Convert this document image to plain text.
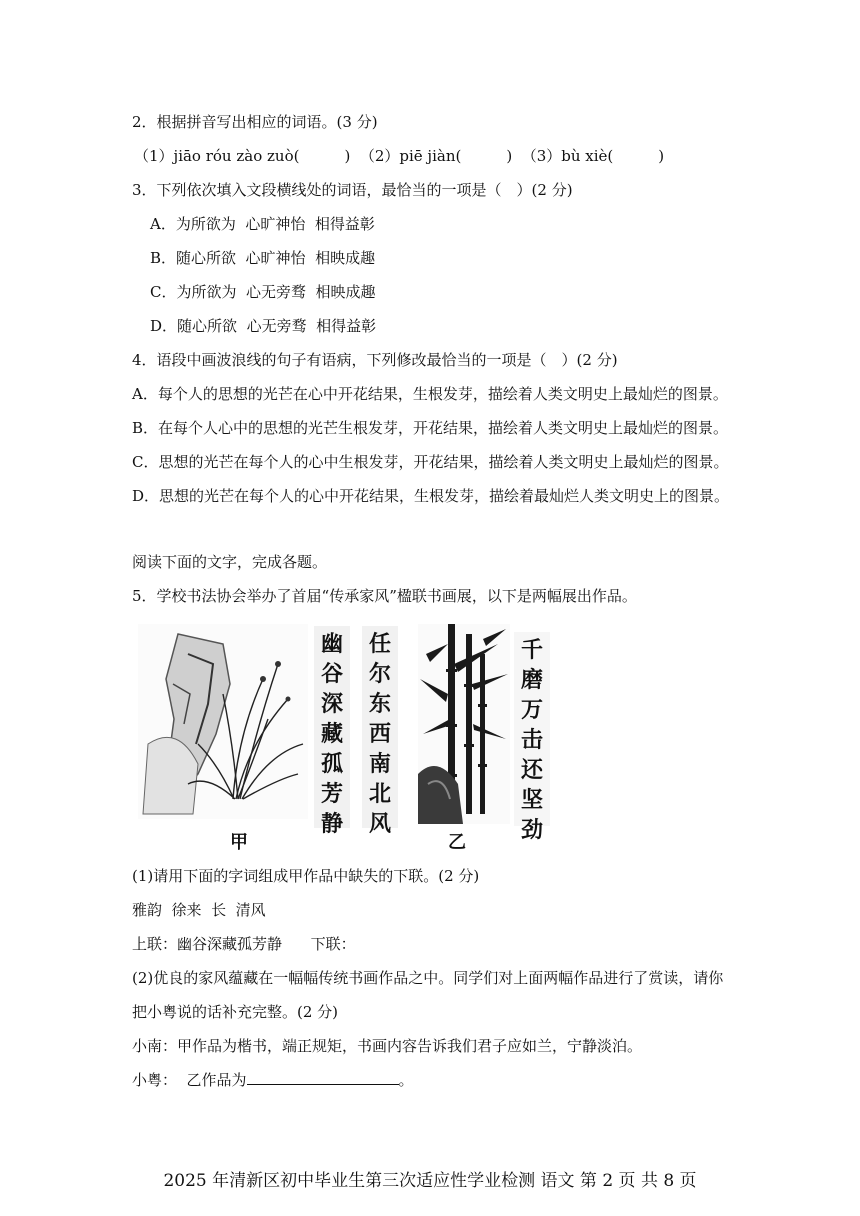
2．根据拼音写出相应的词语。(3 分)
（1）jiāo róu zào zuò(　　　)  （2）piē jiàn(　　　)  （3）bù xiè(　　　)
3．下列依次填入文段横线处的词语，最恰当的一项是（　）(2 分)
A．为所欲为  心旷神怡  相得益彰
B．随心所欲  心旷神怡  相映成趣
C．为所欲为  心无旁骛  相映成趣
D．随心所欲  心无旁骛  相得益彰
4．语段中画波浪线的句子有语病，下列修改最恰当的一项是（　）(2 分)
A．每个人的思想的光芒在心中开花结果，生根发芽，描绘着人类文明史上最灿烂的图景。
B．在每个人心中的思想的光芒生根发芽，开花结果，描绘着人类文明史上最灿烂的图景。
C．思想的光芒在每个人的心中生根发芽，开花结果，描绘着人类文明史上最灿烂的图景。
D．思想的光芒在每个人的心中开花结果，生根发芽，描绘着最灿烂人类文明史上的图景。
阅读下面的文字，完成各题。
5．学校书法协会举办了首届“传承家风”楹联书画展，以下是两幅展出作品。
幽
谷
深
藏
孤
芳
静
任
尔
东
西
南
北
风
千
磨
万
击
还
坚
劲
甲	乙
(1)请用下面的字词组成甲作品中缺失的下联。(2 分)
雅韵  徐来  长  清风
上联：幽谷深藏孤芳静      下联：
(2)优良的家风蕴藏在一幅幅传统书画作品之中。同学们对上面两幅作品进行了赏读，请你
把小粤说的话补充完整。(2 分)
小南：甲作品为楷书，端正规矩，书画内容告诉我们君子应如兰，宁静淡泊。
小粤：  乙作品为	。
2025 年清新区初中毕业生第三次适应性学业检测 语文 第 2 页 共 8 页
